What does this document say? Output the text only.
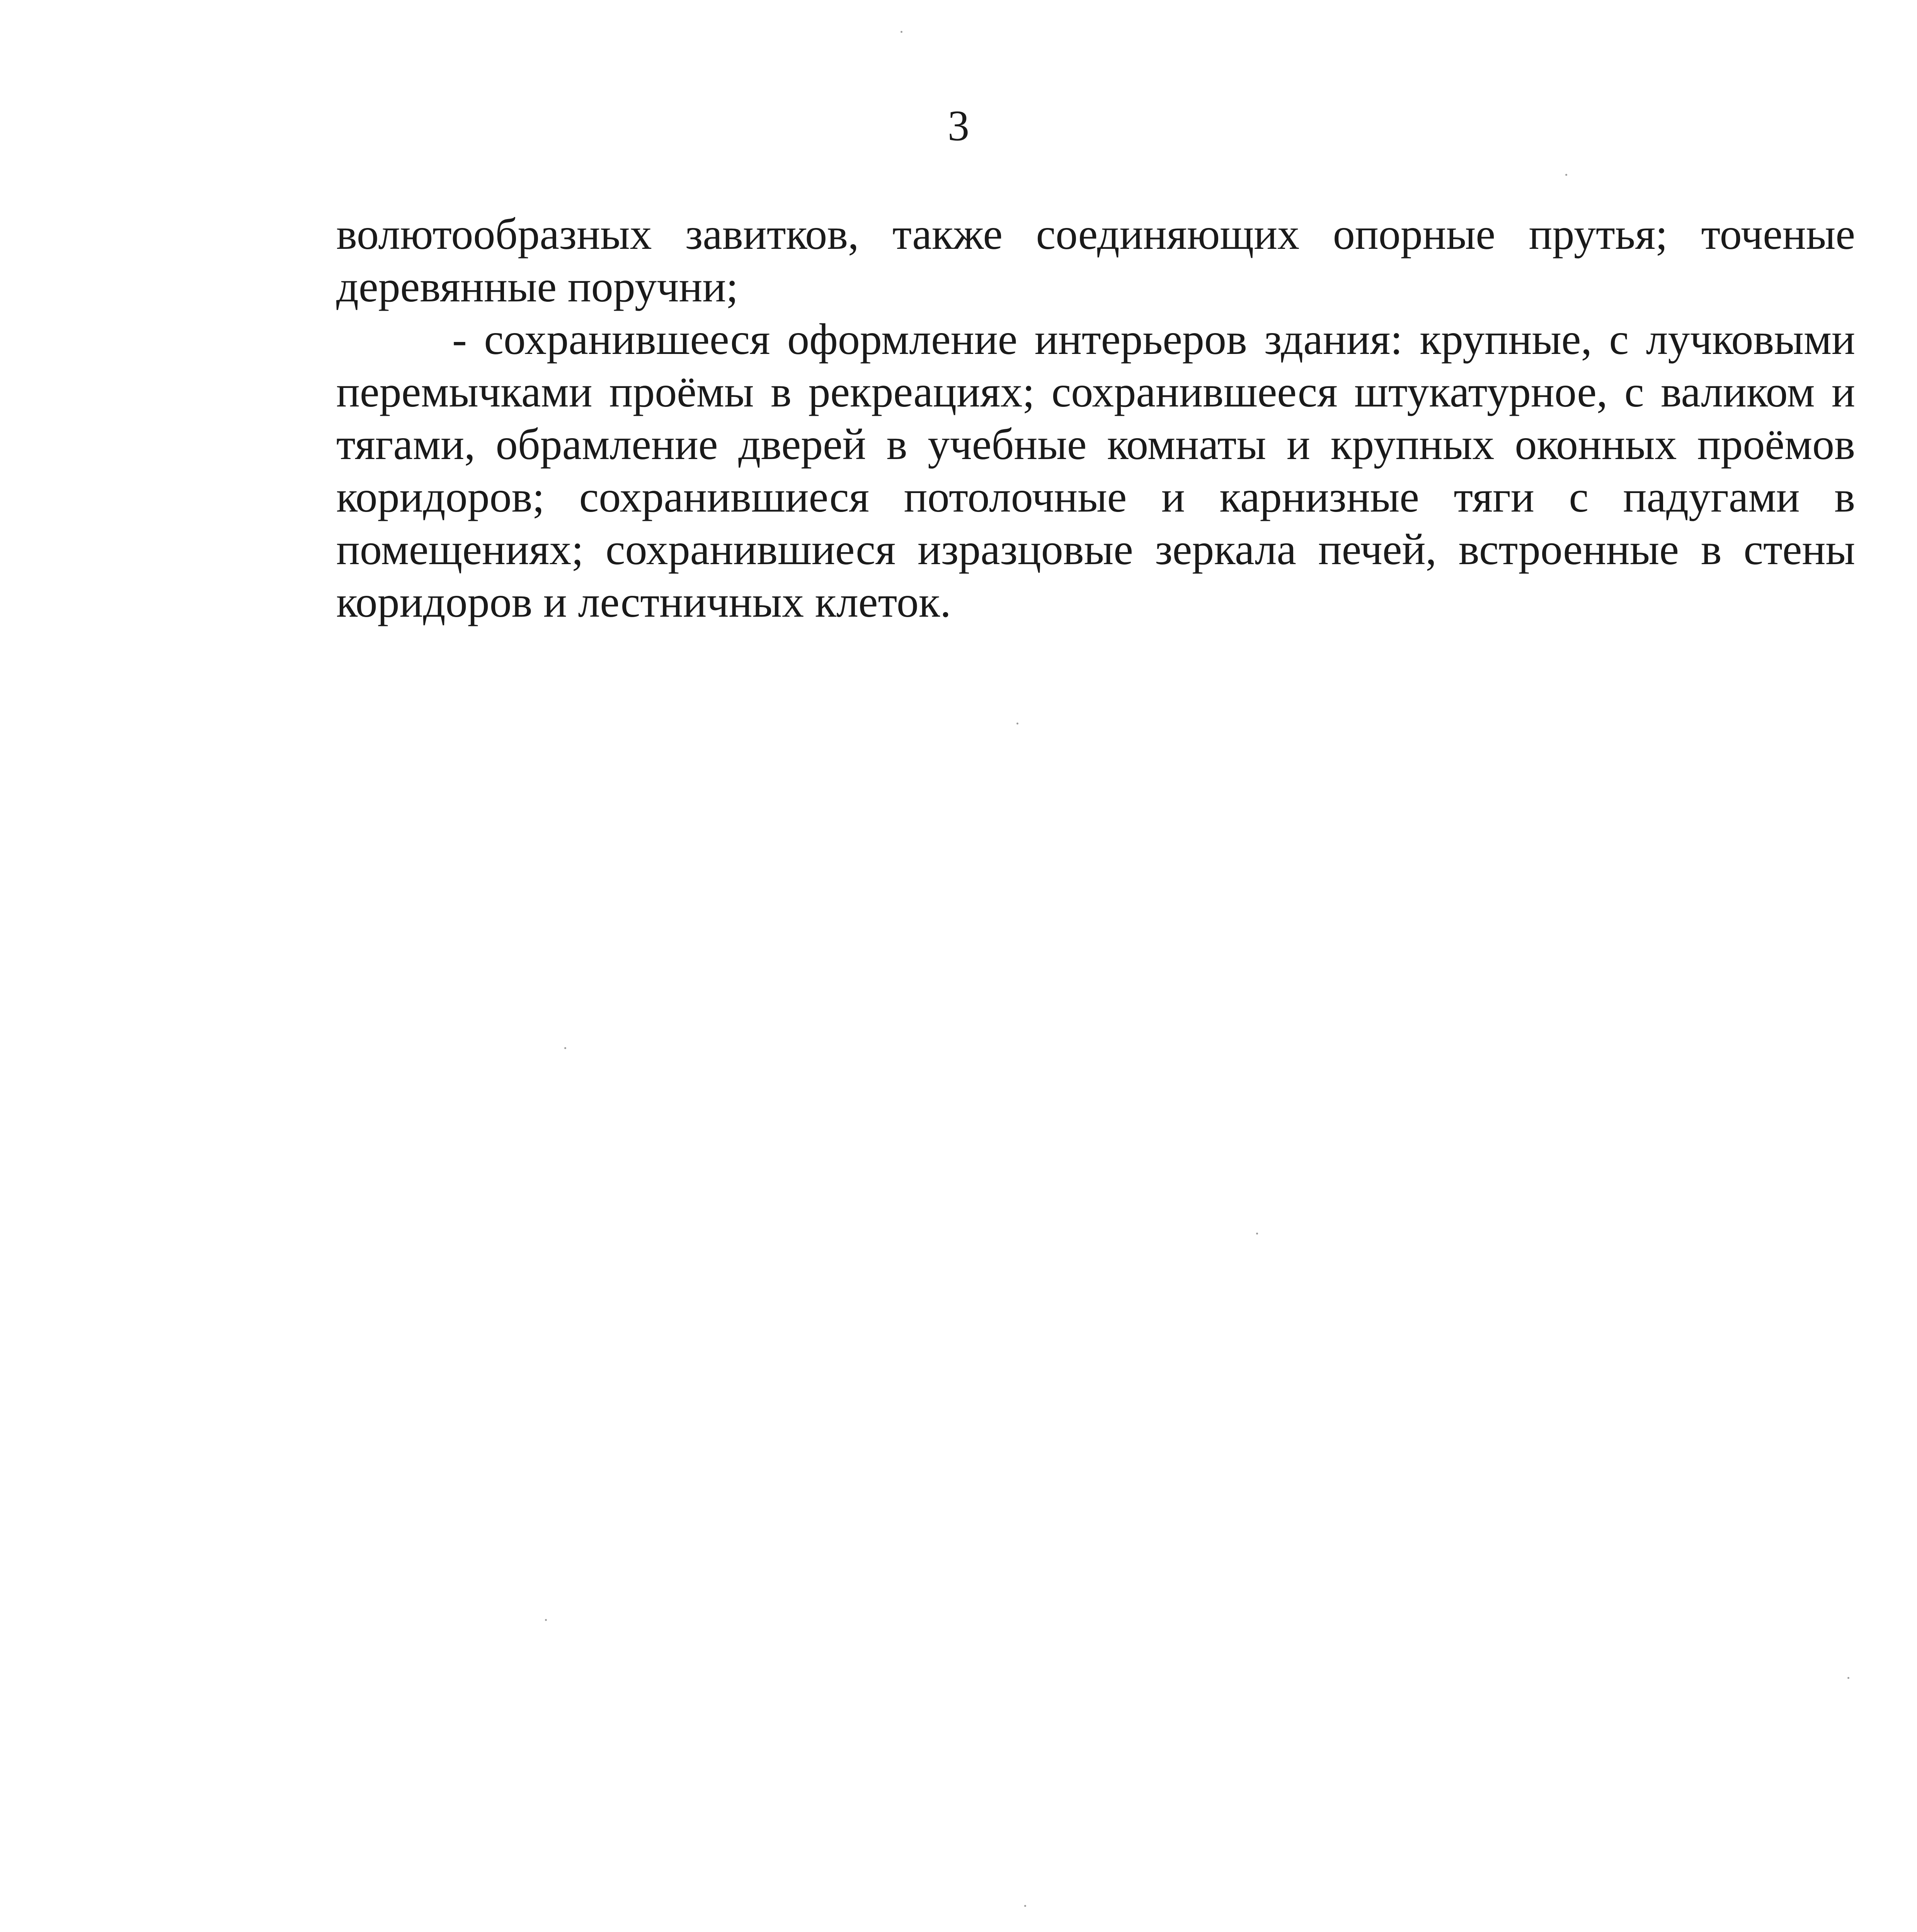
3

волютообразных завитков, также соединяющих опорные прутья; точеные деревянные поручни;

- сохранившееся оформление интерьеров здания: крупные, с лучковыми перемычками проёмы в рекреациях; сохранившееся штукатурное, с валиком и тягами, обрамление дверей в учебные комнаты и крупных оконных проёмов коридоров; сохранившиеся потолочные и карнизные тяги с падугами в помещениях; сохранившиеся изразцовые зеркала печей, встроенные в стены коридоров и лестничных клеток.
